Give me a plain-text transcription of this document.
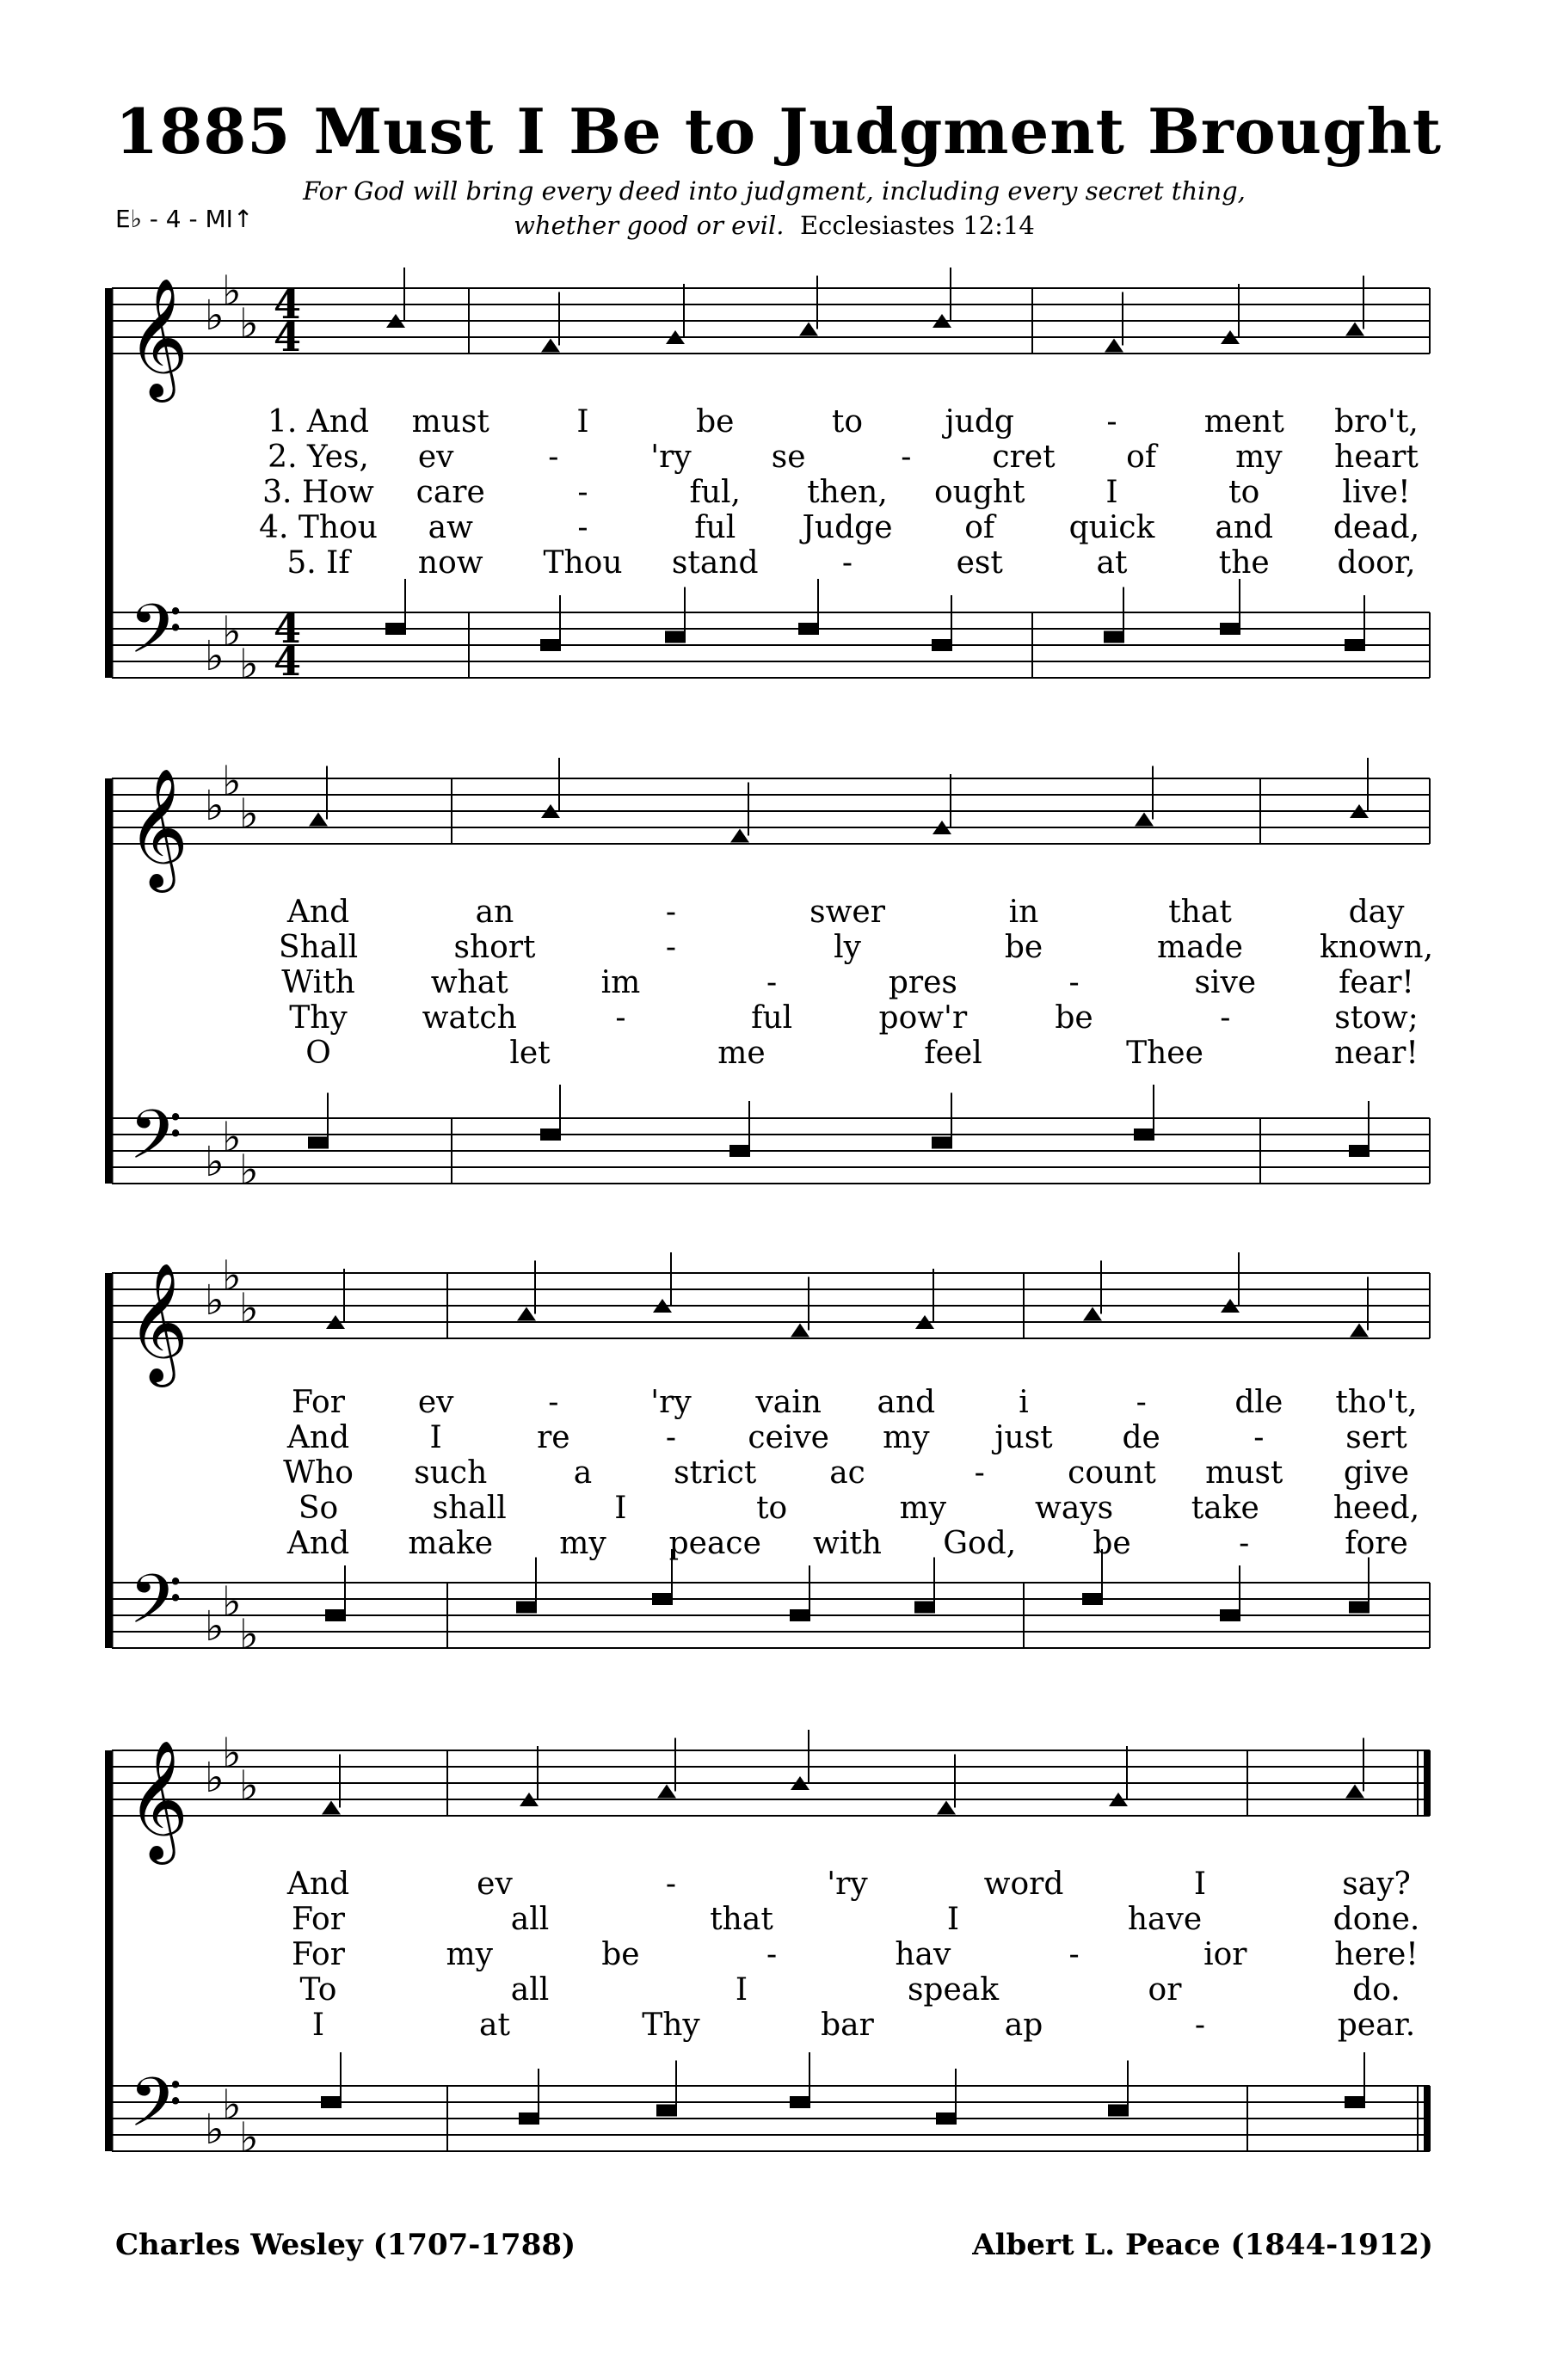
1885 Must I Be to Judgment Brought
E♭ - 4 - MI↑
For God will bring every deed into judgment, including every secret thing, whether good or evil. Ecclesiastes 12:14
𝄞 ♭
♭
♭ 4
4
𝄢 ♭
♭
♭
4
4
𝄞 ♭
♭
♭
𝄢 ♭
♭
♭
𝄞 ♭
♭
♭
𝄢 ♭
♭
♭
𝄞 ♭
♭
♭
𝄢 ♭
♭
♭
1. And must	I	be	to	judg	-	ment bro't,
2. Yes, ev	-	'ry	se	-	cret of	my heart
3. How care	-	ful, then, ought	I	to	live!
4. Thou aw	-	ful Judge of quick and dead,
5. If now Thou stand	-	est	at	the door,
And	an	-	swer	in	that	day
Shall	short	-	ly	be	made known,
With what	im	-	pres	-	sive	fear!
Thy watch	-	ful	pow'r	be	-	stow;
O	let	me	feel	Thee	near!
For ev	-	'ry vain and	i	-	dle tho't,
And	I	re	- ceive my just de	-	sert
Who such	a	strict ac	-	count must give
So	shall	I	to	my	ways	take heed,
And make my peace with God, be	-	fore
And	ev	-	'ry	word	I	say?
For	all	that	I	have	done.
For	my	be	-	hav	-	ior	here!
To	all	I	speak	or	do.
I	at	Thy	bar	ap	-	pear.
Charles Wesley (1707-1788)	Albert L. Peace (1844-1912)
